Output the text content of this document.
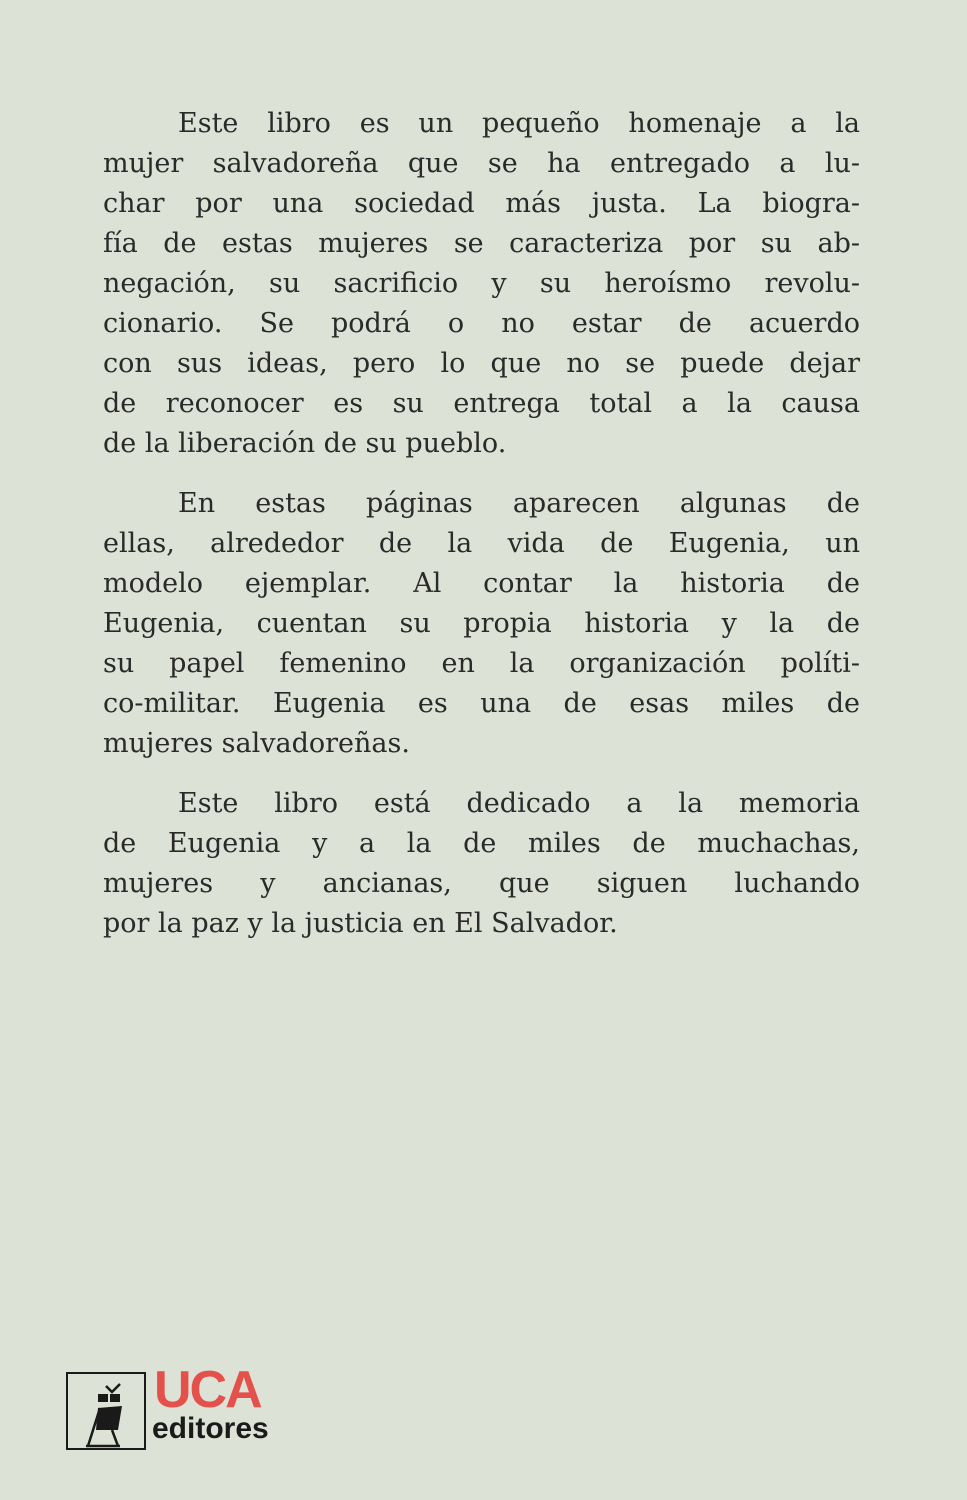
Este libro es un pequeño homenaje a la
mujer salvadoreña que se ha entregado a lu-
char por una sociedad más justa. La biogra-
fía de estas mujeres se caracteriza por su ab-
negación, su sacrificio y su heroísmo revolu-
cionario. Se podrá o no estar de acuerdo
con sus ideas, pero lo que no se puede dejar
de reconocer es su entrega total a la causa
de la liberación de su pueblo.
En estas páginas aparecen algunas de
ellas, alrededor de la vida de Eugenia, un
modelo ejemplar. Al contar la historia de
Eugenia, cuentan su propia historia y la de
su papel femenino en la organización políti-
co-militar. Eugenia es una de esas miles de
mujeres salvadoreñas.
Este libro está dedicado a la memoria
de Eugenia y a la de miles de muchachas,
mujeres y ancianas, que siguen luchando
por la paz y la justicia en El Salvador.
UCA
editores
